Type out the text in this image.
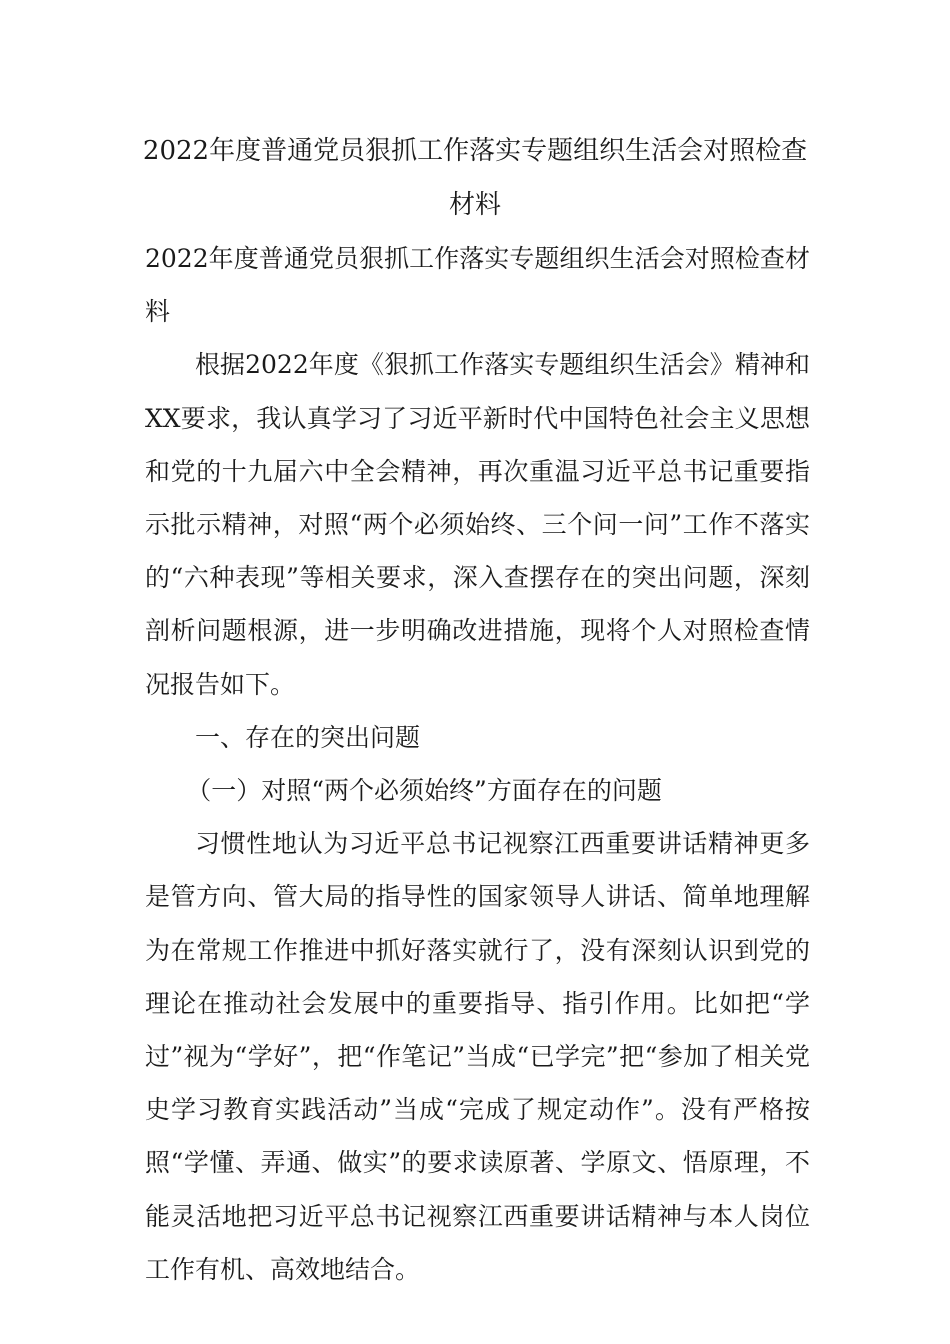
2022年度普通党员狠抓工作落实专题组织生活会对照检查材料

2022年度普通党员狠抓工作落实专题组织生活会对照检查材料

根据2022年度《狠抓工作落实专题组织生活会》精神和XX要求，我认真学习了习近平新时代中国特色社会主义思想和党的十九届六中全会精神，再次重温习近平总书记重要指示批示精神，对照“两个必须始终、三个问一问”工作不落实的“六种表现”等相关要求，深入查摆存在的突出问题，深刻剖析问题根源，进一步明确改进措施，现将个人对照检查情况报告如下。

一、存在的突出问题

（一）对照“两个必须始终”方面存在的问题

习惯性地认为习近平总书记视察江西重要讲话精神更多是管方向、管大局的指导性的国家领导人讲话、简单地理解为在常规工作推进中抓好落实就行了，没有深刻认识到党的理论在推动社会发展中的重要指导、指引作用。比如把“学过”视为“学好”，把“作笔记”当成“已学完”把“参加了相关党史学习教育实践活动”当成“完成了规定动作”。没有严格按照“学懂、弄通、做实”的要求读原著、学原文、悟原理，不能灵活地把习近平总书记视察江西重要讲话精神与本人岗位工作有机、高效地结合。
